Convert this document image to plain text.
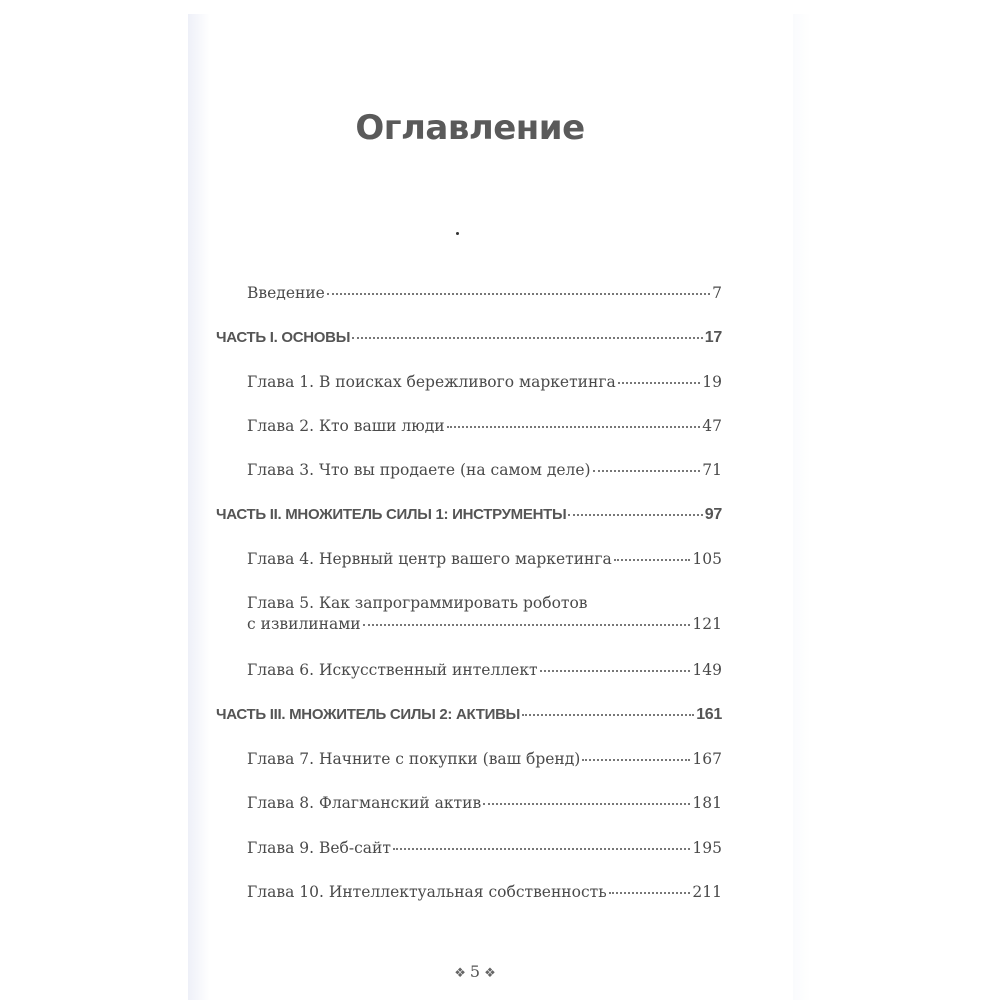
Оглавление
Введение	7
ЧАСТЬ I. ОСНОВЫ	17
Глава 1. В поисках бережливого маркетинга	19
Глава 2. Кто ваши люди	47
Глава 3. Что вы продаете (на самом деле)	71
ЧАСТЬ II. МНОЖИТЕЛЬ СИЛЫ 1: ИНСТРУМЕНТЫ	97
Глава 4. Нервный центр вашего маркетинга	105
Глава 5. Как запрограммировать роботов
с извилинами	121
Глава 6. Искусственный интеллект	149
ЧАСТЬ III. МНОЖИТЕЛЬ СИЛЫ 2: АКТИВЫ	161
Глава 7. Начните с покупки (ваш бренд)	167
Глава 8. Флагманский актив	181
Глава 9. Веб-сайт	195
Глава 10. Интеллектуальная собственность	211
❖ 5 ❖
